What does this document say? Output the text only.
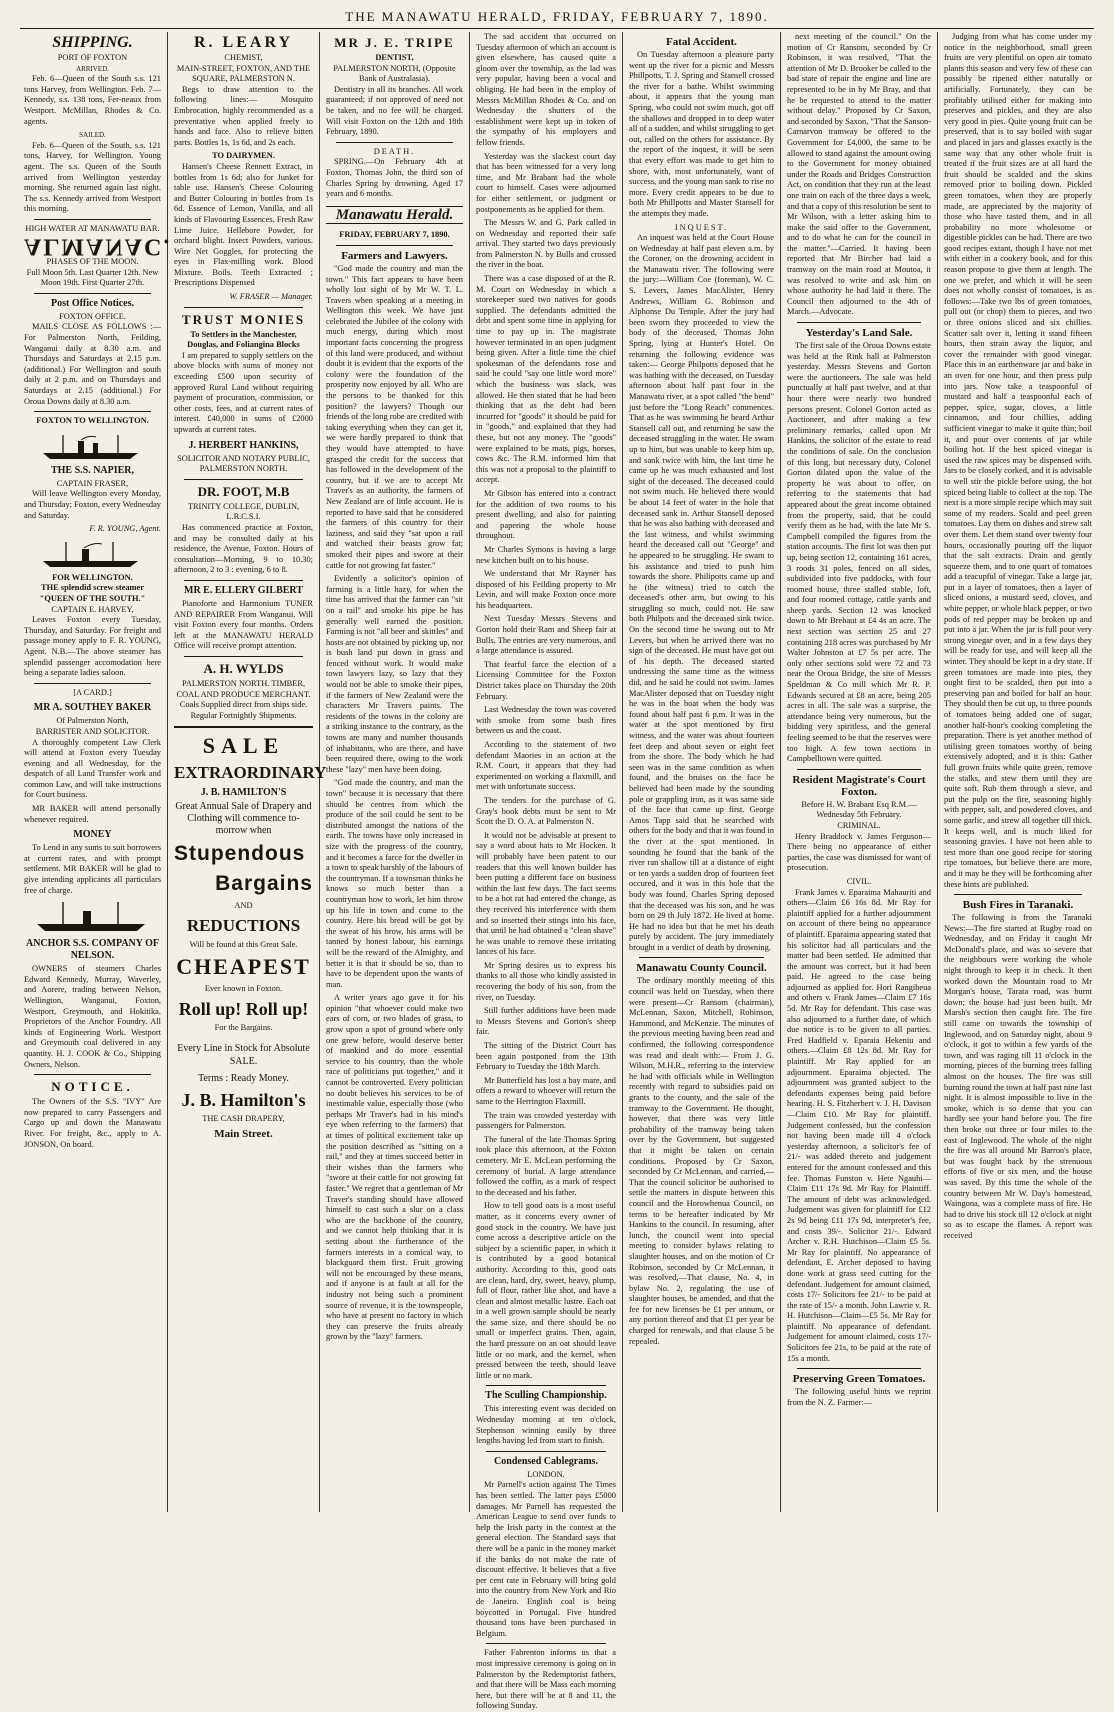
THE MANAWATU HERALD, FRIDAY, FEBRUARY 7, 1890.
SHIPPING.
PORT OF FOXTON
ARRIVED.

Feb. 6—Queen of the South s.s. 121 tons Harvey, from Wellington. Feb. 7—Kennedy, s.s. 138 tons, Fer-neaux from Westport. McMillan, Rhodes & Co. agents.

SAILED.

Feb. 6—Queen of the South, s.s. 121 tons, Harvey, for Wellington. Young agent. The s.s. Queen of the South arrived from Wellington yesterday morning. She returned again last night. The s.s. Kennedy arrived from Westport this morning.

HIGH WATER AT MANAWATU BAR.
ALMANAC.
PHASES OF THE MOON.

Full Moon 5th. Last Quarter 12th. New Moon 19th. First Quarter 27th.

Post Office Notices.
FOXTON OFFICE.

MAILS CLOSE AS FOLLOWS :— For Palmerston North, Feilding, Wanganui daily at 8.30 a.m. and Thursdays and Saturdays at 2.15 p.m. (additional.) For Wellington and south daily at 2 p.m. and on Thursdays and Saturdays at 2.15 (additional.) For Oroua Downs daily at 8.30 a.m.

FOXTON TO WELLINGTON.
THE S.S. NAPIER,
CAPTAIN FRASER,

Will leave Wellington every Monday, and Thursday; Foxton, every Wednesday and Saturday.

F. R. YOUNG, Agent.
FOR WELLINGTON.
THE splendid screw steamer "QUEEN OF THE SOUTH."
CAPTAIN E. HARVEY,

Leaves Foxton every Tuesday, Thursday, and Saturday. For freight and passage money apply to F. R. YOUNG, Agent. N.B.—The above steamer has splendid passenger accomodation here being a separate ladies saloon.

[A CARD.]
MR A. SOUTHEY BAKER
Of Palmerston North,
BARRISTER AND SOLICITOR.

A thoroughly competent Law Clerk will attend at Foxton every Tuesday evening and all Wednesday, for the despatch of all Land Transfer work and common Law, and will take instructions for Court business.

MR BAKER will attend personally whenever required.

MONEY

To Lend in any sums to suit borrowers at current rates, and with prompt settlement. MR BAKER will be glad to give intending applicants all particulars free of charge.

ANCHOR S.S. COMPANY OF NELSON.

OWNERS of steamers Charles Edward Kennedy, Murray, Waverley, and Aorere, trading between Nelson, Wellington, Wanganui, Foxton, Westport, Greymouth, and Hokitika. Proprietors of the Anchor Foundry. All kinds of Engineering Work. Westport and Greymouth coal delivered in any quantity. H. J. COOK & Co., Shipping Owners, Nelson.

NOTICE.

The Owners of the S.S. "IVY" Are now prepared to carry Passengers and Cargo up and down the Manawatu River. For freight, &c., apply to A. JONSON, On board.

R. LEARY
CHEMIST,
MAIN-STREET, FOXTON, AND THE SQUARE, PALMERSTON N.

Begs to draw attention to the following lines:— Mosquito Embrocation, highly recommended as a preventative when applied freely to hands and face. Also to relieve bitten parts. Bottles 1s, 1s 6d, and 2s each.

TO DAIRYMEN.

Hansen's Cheese Rennett Extract, in bottles from 1s 6d; also for Junket for table use. Hansen's Cheese Colouring and Butter Colouring in bottles from 1s 6d. Essence of Lemon, Vanilla, and all kinds of Flavouring Essences. Fresh Raw Lime Juice. Hellebore Powder, for orchard blight. Insect Powders, various. Wire Net Goggles, for protecting the eyes in Flax-milling work. Blood Mixture. Boils. Teeth Extracted ; Prescriptions Dispensed

W. FRASER — Manager.
TRUST MONIES
To Settlers in the Manchester, Douglas, and Foliangina Blocks

I am prepared to supply settlers on the above blocks with sums of money not exceeding £500 upon security of approved Rural Land without requiring payment of procuration, commission, or other costs, fees, and at current rates of interest. £40,000 in sums of £2000 upwards at current rates.

J. HERBERT HANKINS,
SOLICITOR AND NOTARY PUBLIC, PALMERSTON NORTH.
DR. FOOT, M.B
TRINITY COLLEGE, DUBLIN, L.R.C.S.I.

Has commenced practice at Foxton, and may be consulted daily at his residence, the Avenue, Foxton. Hours of consultation—Morning, 9 to 10.30; afternoon, 2 to 3 : evening, 6 to 8.

MR E. ELLERY GILBERT

Pianoforte and Harmonium TUNER AND REPAIRER From Wanganui. Will visit Foxton every four months. Orders left at the MANAWATU HERALD Office will receive prompt attention.

A. H. WYLDS

PALMERSTON NORTH. TIMBER, COAL AND PRODUCE MERCHANT. Coals Supplied direct from ships side. Regular Fortnightly Shipments.

SALE
EXTRAORDINARY
J. B. HAMILTON'S

Great Annual Sale of Drapery and Clothing will commence to-morrow when

Stupendous
Bargains
AND
REDUCTIONS
Will be found at this Great Sale.
CHEAPEST
Ever known in Foxton.
Roll up! Roll up!
For the Bargains.

Every Line in Stock for Absolute SALE.

Terms : Ready Money.
J. B. Hamilton's
THE CASH DRAPERY,
Main Street.
MR J. E. TRIPE
DENTIST,
PALMERSTON NORTH, (Opposite Bank of Australasia).

Dentistry in all its branches. All work guaranteed; if not approved of need not be taken, and no fee will be charged. Will visit Foxton on the 12th and 18th February, 1890.

DEATH.

SPRING.—On February 4th at Foxton, Thomas John, the third son of Charles Spring by drowning. Aged 17 years and 6 months.

Manawatu Herald.
FRIDAY, FEBRUARY 7, 1890.
Farmers and Lawyers.

"God made the country and man the town." This fact appears to have been wholly lost sight of by Mr W. T. L. Travers when speaking at a meeting in Wellington this week. We have just celebrated the Jubilee of the colony with much energy, during which most important facts concerning the progress of this land were produced, and without doubt it is evident that the exports of the colony were the foundation of the prosperity now enjoyed by all. Who are the persons to be thanked for this position? the lawyers? Though our friends of the long robe are credited with taking everything when they can get it, we were hardly prepared to think that they would have attempted to have grasped the credit for the success that has followed in the development of the country, but if we are to accept Mr Traver's as an authority, the farmers of New Zealand are of little account. He is reported to have said that he considered the farmers of this country for their laziness, and said they "sat upon a rail and watched their beasts grow fat; smoked their pipes and swore at their cattle for not growing fat faster."

Evidently a solicitor's opinion of farming is a little hazy, for when the time has arrived that the farmer can "sit on a rail" and smoke his pipe he has generally well earned the position. Farming is not "all beer and skittles" and hosts are not obtained by picking up, nor is bush land put down in grass and fenced without work. It would make town lawyers lazy, so lazy that they would not be able to smoke their pipes, if the farmers of New Zealand were the characters Mr Travers paints. The residents of the towns in the colony are a striking instance to the contrary, as the towns are many and number thousands of inhabitants, who are there, and have been required there, owing to the work these "lazy" men have been doing.

"God made the country, and man the town" because it is necessary that there should be centres from which the produce of the soil could be sent to be distributed amongst the nations of the earth. The towns have only increased in size with the progress of the country, and it becomes a farce for the dweller in a town to speak harshly of the labours of the countryman. If a townsman thinks he knows so much better than a countryman how to work, let him throw up his life in town and come to the country. Here his bread will be got by the sweat of his brow, his arms will be tanned by honest labour, his earnings will be the reward of the Almighty, and better it is that it should be so, than to have to be dependent upon the wants of man.

A writer years ago gave it for his opinion "that whoever could make two ears of corn, or two blades of grass, to grow upon a spot of ground where only one grew before, would deserve better of mankind and do more essential service to his country, than the whole race of politicians put together," and it cannot be controverted. Every politician no doubt believes his services to be of inestimable value, especially those (who perhaps Mr Traver's had in his mind's eye when referring to the farmers) that at times of political excitement take up the position described as "sitting on a rail," and they at times succeed better in their wishes than the farmers who "swore at their cattle for not growing fat faster." We regret that a gentleman of Mr Traver's standing should have allowed himself to cast such a slur on a class who are the backbone of the country, and we cannot help thinking that it is setting about the furtherance of the farmers interests in a comical way, to blackguard them first. Fruit growing will not be encouraged by these means, and if anyone is at fault at all for the industry not being such a prominent source of revenue, it is the townspeople, who have at present no factory in which they can preserve the fruits already grown by the "lazy" farmers.

The sad accident that occurred on Tuesday afternoon of which an account is given elsewhere, has caused quite a gloom over the township, as the lad was very popular, having been a vocal and obliging. He had been in the employ of Messrs McMillan Rhodes & Co. and on Wednesday the shutters of the establishment were kept up in token of the sympathy of his employers and fellow friends.

Yesterday was the slackest court day that has been witnessed for a very long time, and Mr Brabant had the whole court to himself. Cases were adjourned for either settlement, or judgment or postponements as he applied for them.

The Messrs W. and G. Park called in on Wednesday and reported their safe arrival. They started two days previously from Palmerston N. by Bulls and crossed the river in the boat.

There was a case disposed of at the R. M. Court on Wednesday in which a storekeeper sued two natives for goods supplied. The defendants admitted the debt and spent some time in applying for time to pay up in. The magistrate however terminated in an open judgment being given. After a little time the chief spokesman of the defendants rose and said he could "say one little word more" which the business was slack, was allowed. He then stated that he had been thinking that as the debt had been incurred for "goods" it should be paid for in "goods," and explained that they had these, but not any money. The "goods" were explained to be mats, pigs, horses, cows &c. The R.M. informed him that this was not a proposal to the plaintiff to accept.

Mr Gibson has entered into a contract for the addition of two rooms to his present dwelling, and also for painting and papering the whole house throughout.

Mr Charles Symons is having a large new kitchen built on to his house.

We understand that Mr Rayner has disposed of his Feilding property to Mr Levin, and will make Foxton once more his headquarters.

Next Tuesday Messrs Stevens and Gorton hold their Ram and Sheep fair at Bulls. The entries are very numerous, and a large attendance is assured.

That fearful farce the election of a Licensing Committee for the Foxton District takes place on Thursday the 20th February.

Last Wednesday the town was covered with smoke from some bush fires between us and the coast.

According to the statement of two defendant Maories in an action at the R.M. Court, it appears that they had experimented on working a flaxmill, and met with unfortunate success.

The tenders for the purchase of G. Gray's book debts must be sent to Mr Scott the D. O. A. at Palmerston N.

It would not be advisable at present to say a word about hats to Mr Hocken. It will probably have been patent to our readers that this well known builder has been putting a different face on business within the last few days. The fact seems to be a hot rat had entered the change, as they received his interference with them and so inserted their stings into his face, that until he had obtained a "clean shave" he was unable to remove these irritating lances of his face.

Mr Spring desires us to express his thanks to all those who kindly assisted in recovering the body of his son, from the river, on Tuesday.

Still further additions have been made to Messrs Stevens and Gorton's sheep fair.

The sitting of the District Court has been again postponed from the 13th February to Tuesday the 18th March.

Mr Butterfield has lost a bay mare, and offers a reward to whoever will return the same to the Herrington Flaxmill.

The train was crowded yesterday with passengers for Palmerston.

The funeral of the late Thomas Spring took place this afternoon, at the Foxton cemetery. Mr E. McLean performing the ceremony of burial. A large attendance followed the coffin, as a mark of respect to the deceased and his father.

How to tell good oats is a most useful matter, as it concerns every owner of good stock in the country. We have just come across a descriptive article on the subject by a scientific paper, in which it is contributed by a good botanical authority. According to this, good oats are clean, hard, dry, sweet, heavy, plump, full of flour, rather like shot, and have a clean and almost metallic lustre. Each oat in a well grown sample should be nearly the same size, and there should be no small or imperfect grains. Then, again, the hard pressure on an oat should leave little or no mark, and the kernel, when pressed between the teeth, should leave little or no mark.

The Sculling Championship.

This interesting event was decided on Wednesday morning at ten o'clock, Stephenson winning easily by three lengths having led from start to finish.

Condensed Cablegrams.
LONDON.

Mr Parnell's action against The Times has been settled. The latter pays £5000 damages. Mr Parnell has requested the American League to send over funds to help the Irish party in the contest at the general election. The Standard says that there will be a panic in the money market if the banks do not make the rate of discount effective. It believes that a five per cent rate in February will bring gold into the country from New York and Rio de Janeiro. English coal is being boycotted in Portugal. Five hundred thousand tons have been purchased in Belgium.

Father Fahrenton informs us that a most impressive ceremony is going on in Palmerston by the Redemptorist fathers, and that there will be Mass each morning here, but there will be at 8 and 11, the following Sunday.

Fatal Accident.

On Tuesday afternoon a pleasure party went up the river for a picnic and Messrs Phillpotts, T. J. Spring and Stansell crossed the river for a bathe. Whilst swimming about, it appears that the young man Spring, who could not swim much, got off the shallows and dropped in to deep water all of a sudden, and whilst struggling to get out, called on the others for assistance. By the report of the inquest, it will be seen that every effort was made to get him to shore, with, most unfortunately, want of success, and the young man sank to rise no more. Every credit appears to be due to both Mr Phillpotts and Master Stansell for the attempts they made.

INQUEST.

An inquest was held at the Court House on Wednesday at half past eleven a.m. by the Coroner, on the drowning accident in the Manawatu river. The following were the jury:—William Coe (foreman), W. C. S. Levers, James MacAlister, Henry Andrews, William G. Robinson and Alphonse Du Temple. After the jury had been sworn they proceeded to view the body of the deceased, Thomas John Spring, lying at Hunter's Hotel. On returning the following evidence was taken:— George Philpotts deposed that he was bathing with the deceased, on Tuesday afternoon about half past four in the Manawatu river, at a spot called "the bend" just before the "Long Reach" commences. That as he was swimming he heard Arthur Stansell call out, and returning he saw the deceased struggling in the water. He swam up to him, but was unable to keep him up, and sank twice with him, the last time he came up he was much exhausted and lost sight of the deceased. The deceased could not swim much. He believed there would be about 14 feet of water in the hole that deceased sank in. Arthur Stansell deposed that he was also bathing with deceased and the last witness, and whilst swimming heard the deceased call out "George" and he appeared to be struggling. He swam to his assistance and tried to push him towards the shore. Philipotts came up and he (the witness) tried to catch the deceased's other arm, but owing to his struggling so much, could not. He saw both Philpots and the deceased sink twice. On the second time he swung out to Mr Levers, but when he arrived there was no sign of the deceased. He must have got out of his depth. The deceased started undressing the same time as the witness did, and he said he could not swim. James MacAlister deposed that on Tuesday night he was in the boat when the body was found about half past 6 p.m. It was in the water at the spot mentioned by first witness, and the water was about fourteen feet deep and about seven or eight feet from the shore. The body which he had seen was in the same condition as when found, and the bruises on the face he believed had been made by the sounding pole or grappling iron, as it was same side of the face that came up first. George Amos Tapp said that he searched with others for the body and that it was found in the river at the spot mentioned. In sounding he found that the bank of the river ran shallow till at a distance of eight or ten yards a sudden drop of fourteen feet occured, and it was in this hole that the body was found. Charles Spring deposed that the deceased was his son, and he was born on 29 th July 1872. He lived at home. He had no idea but that he met his death purely by accident. The jury immediately brought in a verdict of death by drowning.

Manawatu County Council.

The ordinary monthly meeting of this council was held on Tuesday, when there were present—Cr Ransom (chairman), McLennan, Saxon, Mitchell, Robinson, Hammond, and McKenzie. The minutes of the previous meeting having been read and confirmed, the following correspondence was read and dealt with:— From J. G. Wilson, M.H.R., referring to the interview he had with officials while in Wellington recently with regard to subsidies paid on grants to the county, and the sale of the tramway to the Government. He thought, however, that there was very little probability of the tramway being taken over by the Government, but suggested that it might be taken on certain conditions. Proposed by Cr Saxon, seconded by Cr McLennan, and carried,—That the council solicitor be authorised to settle the matters in dispute between this council and the Horowhenua Council, on terms to be hereafter indicated by Mr Hankins to the council. In resuming, after lunch, the council went into special meeting to consider bylaws relating to slaughter houses, and on the motion of Cr Robinson, seconded by Cr McLennan, it was resolved,—That clause, No. 4, in bylaw No. 2, regulating the use of slaughter houses, be amended, and that the fee for new licenses be £1 per annum, or any portion thereof and that £1 per year be charged for renewals, and that clause 5 be repealed.

next meeting of the council." On the motion of Cr Ransom, seconded by Cr Robinson, it was resolved, "That the attention of Mr D. Brooker be called to the bad state of repair the engine and line are represented to be in by Mr Bray, and that he be requested to attend to the matter without delay." Proposed by Cr Saxon, and seconded by Saxon, "That the Sanson-Carnarvon tramway be offered to the Government for £4,000, the same to be allowed to stand against the amount owing to the Government for money obtained under the Roads and Bridges Construction Act, on condition that they run at the least one train on each of the three days a week, and that a copy of this resolution be sent to Mr Wilson, with a letter asking him to make the said offer to the Government, and to do what he can for the council in the matter."—Carried. It having been reported that Mr Bircher had laid a tramway on the main road at Moutoa, it was resolved to write and ask him on whose authority he had laid it there. The Council then adjourned to the 4th of March.—Advocate.

Yesterday's Land Sale.

The first sale of the Oroua Downs estate was held at the Rink hall at Palmerston yesterday. Messrs Stevens and Gorton were the auctioneers. The sale was held punctually at half past twelve, and at that hour there were nearly two hundred persons present. Colonel Gorton acted as Auctioneer, and after making a few preliminary remarks, called upon Mr Hankins, the solicitor of the estate to read the conditions of sale. On the conclusion of this long, but necessary duty, Colonel Gorton dilated upon the value of the property he was about to offer, on referring to the statements that had appeared about the great income obtained from the property, said, that he could verify them as he had, with the late Mr S. Campbell compiled the figures from the station accounts. The first lot was then put up, being section 12, containing 161 acres, 3 roods 31 poles, fenced on all sides, subdivided into five paddocks, with four roomed house, three stalled stable, loft, and four roomed cottage, cattle yards and sheep yards. Section 12 was knocked down to Mr Brehaut at £4 4s an acre. The next section was section 25 and 27 containing 218 acres was purchased by Mr Walter Johnston at £7 5s per acre. The only other sections sold were 72 and 73 near the Oroua Bridge, the site of Messrs Speldman & Co mill which Mr R. P. Edwards secured at £8 an acre, being 205 acres in all. The sale was a surprise, the attendance being very numerous, but the bidding very spiritless, and the general feeling seemed to be that the reserves were too high. A few town sections in Campbelltown were quitted.

Resident Magistrate's Court Foxton.
Before H. W. Brabant Esq R.M.—Wednesday 5th February.
CRIMINAL.

Henry Braddock v. James Ferguson—There being no appearance of either parties, the case was dismissed for want of prosecution.

CIVIL.

Frank James v. Eparaima Mahauriti and others—Claim £6 16s 8d. Mr Ray for plaintiff applied for a further adjournment on account of there being no appearance of plaintiff. Eparaima appearing stated that his solicitor had all particulars and the matter had been settled. He admitted that the amount was correct, but it had been paid. He agreed to the case being adjourned as applied for. Hori Rangiheua and others v. Frank James—Claim £7 16s 5d. Mr Ray for defendant. This case was also adjourned to a further date, of which due notice is to be given to all parties. Fred Hadfield v. Eparaia Hekeniu and others.—Claim £8 12s 8d. Mr Ray for plaintiff. Mr Ray applied for an adjournment. Eparaima objected. The adjournment was granted subject to the defendants expenses being paid before hearing. H. S. Fitzherbert v. J. H. Davison—Claim £10. Mr Ray for plaintiff. Judgement confessed, but the confession not having been made till 4 o'clock yesterday afternoon, a solicitor's fee of 21/- was added thereto and judgement entered for the amount confessed and this fee. Thomas Funston v. Hete Ngauhi—Claim £11 17s 9d. Mr Ray for Plaintiff. The amount of debt was acknowledged. Judgement was given for plaintiff for £12 2s 9d being £11 17s 9d, interpreter's fee, and costs 39/-. Solicitor 21/-. Edward Archer v. R.H. Hutchison—Claim £5 5s. Mr Ray for plaintiff. No appearance of defendant, E. Archer deposed to having done work at grass seed cutting for the defendant. Judgement for amount claimed, costs 17/- Solicitors fee 21/- to be paid at the rate of 15/- a month. John Lawrie v. R. H. Hutchison—Claim—£5 5s. Mr Ray for plaintiff. No appearance of defendant. Judgement for amount claimed, costs 17/- Solicitors fee 21s, to be paid at the rate of 15s a month.

Preserving Green Tomatoes.

The following useful hints we reprint from the N. Z. Farmer:—

Judging from what has come under my notice in the neighborhood, small green fruits are very plentiful on open air tomato plants this season and very few of these can possibly be ripened either naturally or artificially. Fortunately, they can be profitably utilised either for making into preserves and pickles, and they are also very good in pies. Quite young fruit can be preserved, that is to say boiled with sugar and placed in jars and glasses exactly is the same way that any other whole fruit is treated if the fruit sizes are at all hard the fruit should be scalded and the skins removed prior to boiling down. Pickled green tomatoes, when they are properly made, are appreciated by the majority of those who have tasted them, and in all probability no more wholesome or digestible pickles can be had. There are two good recipes extant, though I have not met with either in a cookery book, and for this reason propose to give them at length. The one we prefer, and which it will be seen does not wholly consist of tomatoes, is as follows:—Take two lbs of green tomatoes, pull out (or chop) them to pieces, and two or three onions sliced and six chillies. Scatter salt over it, letting it stand fifteen hours, then strain away the liquor, and cover the remainder with good vinegar. Place this in an earthenware jar and bake in an oven for one hour, and then press pulp into jars. Now take a teaspoonful of mustard and half a teaspoonful each of pepper, spice, sugar, cloves, a little cinnamon, and four chillies, adding sufficient vinegar to make it quite thin; boil it, and pour over contents of jar while boiling hot. If the best spiced vinegar is used the raw spices may be dispensed with. Jars to be closely corked, and it is advisable to well stir the pickle before using, the hot spiced being liable to collect at the top. The next is a more simple recipe which may suit some of my readers. Scald and peel green tomatoes. Lay them on dishes and strew salt over them. Let them stand over twenty four hours, occasionally pouring off the liquor that the salt extracts. Drain and gently squeeze them, and to one quart of tomatoes add a teacupful of vinegar. Take a large jar, put in a layer of tomatoes, then a layer of sliced onions, a mustard seed, cloves, and white pepper, or whole black pepper, or two pods of red pepper may be broken up and put into a jar. When the jar is full pour very strong vinegar over, and in a few days they will be ready for use, and will keep all the winter. They should be kept in a dry state. If green tomatoes are made into pies, they ought first to be scalded, then put into a preserving pan and boiled for half an hour. They should then be cut up, to three pounds of tomatoes being added one of sugar, another half-hour's cooking completing the preparation. There is yet another method of utilising green tomatoes worthy of being extensively adopted, and it is this: Gather full grown fruits while quite green, remove the stalks, and stew them until they are quite soft. Rub them through a sieve, and put the pulp on the fire, seasoning highly with pepper, salt, and powdered cloves, and some garlic, and strew all together till thick. It keeps well, and is much liked for seasoning gravies. I have not been able to test more than one good recipe for storing ripe tomatoes, but believe there are more, and it may be they will be forthcoming after these hints are published.

Bush Fires in Taranaki.

The following is from the Taranaki News:—The fire started at Rugby road on Wednesday, and on Friday it caught Mr McDonald's place, and was so severe that the neighbours were working the whole night through to keep it in check. It then worked down the Mountain road to Mr Morgan's house, Tarata road, was burnt down; the house had just been built. Mr Marsh's section then caught fire. The fire still came on towards the township of Inglewood, and on Saturday night, about 9 o'clock, it got to within a few yards of the town, and was raging till 11 o'clock in the morning, pieces of the burning trees falling almost on the houses. The fire was still burning round the town at half past nine last night. It is almost impossible to live in the smoke, which is so dense that you can hardly see your hand before you. The fire then broke out three or four miles to the east of Inglewood. The whole of the night the fire was all around Mr Barron's place, but was fought back by the strenuous efforts of five or six men, and the house was saved. By this time the whole of the country between Mr W. Day's homestead, Waingona, was a complete mass of fire. He had to drive his stock till 12 o'clock at night so as to escape the flames. A report was received
